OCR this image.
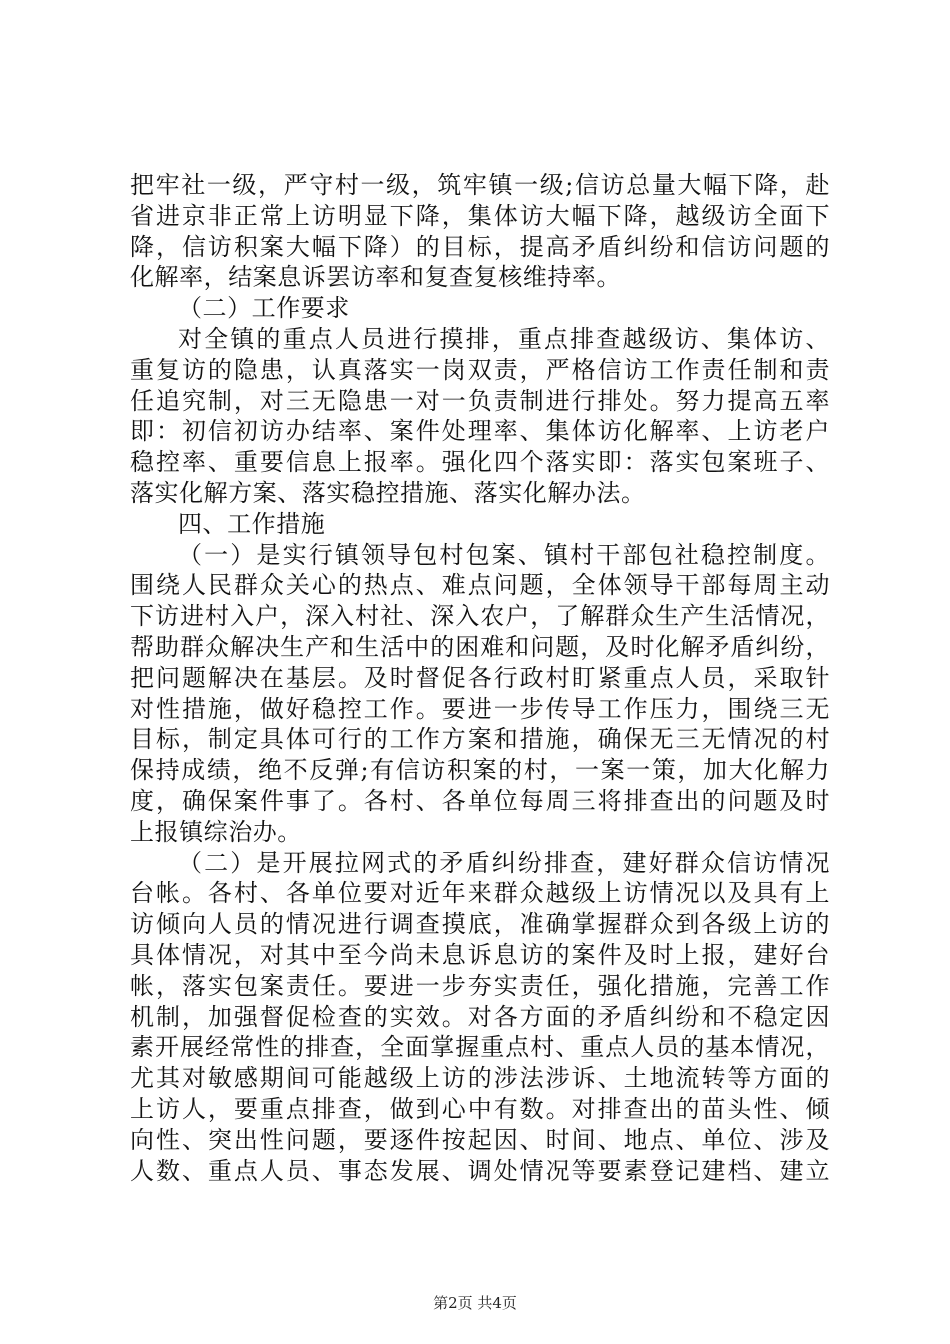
把牢社一级，严守村一级，筑牢镇一级;信访总量大幅下降，赴
省进京非正常上访明显下降，集体访大幅下降，越级访全面下
降，信访积案大幅下降）的目标，提高矛盾纠纷和信访问题的
化解率，结案息诉罢访率和复查复核维持率。
（二）工作要求
对全镇的重点人员进行摸排，重点排查越级访、集体访、
重复访的隐患，认真落实一岗双责，严格信访工作责任制和责
任追究制，对三无隐患一对一负责制进行排处。努力提高五率
即：初信初访办结率、案件处理率、集体访化解率、上访老户
稳控率、重要信息上报率。强化四个落实即：落实包案班子、
落实化解方案、落实稳控措施、落实化解办法。
四、工作措施
（一）是实行镇领导包村包案、镇村干部包社稳控制度。
围绕人民群众关心的热点、难点问题，全体领导干部每周主动
下访进村入户，深入村社、深入农户，了解群众生产生活情况，
帮助群众解决生产和生活中的困难和问题，及时化解矛盾纠纷，
把问题解决在基层。及时督促各行政村盯紧重点人员，采取针
对性措施，做好稳控工作。要进一步传导工作压力，围绕三无
目标，制定具体可行的工作方案和措施，确保无三无情况的村
保持成绩，绝不反弹;有信访积案的村，一案一策，加大化解力
度，确保案件事了。各村、各单位每周三将排查出的问题及时
上报镇综治办。
（二）是开展拉网式的矛盾纠纷排查，建好群众信访情况
台帐。各村、各单位要对近年来群众越级上访情况以及具有上
访倾向人员的情况进行调查摸底，准确掌握群众到各级上访的
具体情况，对其中至今尚未息诉息访的案件及时上报，建好台
帐，落实包案责任。要进一步夯实责任，强化措施，完善工作
机制，加强督促检查的实效。对各方面的矛盾纠纷和不稳定因
素开展经常性的排查，全面掌握重点村、重点人员的基本情况，
尤其对敏感期间可能越级上访的涉法涉诉、土地流转等方面的
上访人，要重点排查，做到心中有数。对排查出的苗头性、倾
向性、突出性问题，要逐件按起因、时间、地点、单位、涉及
人数、重点人员、事态发展、调处情况等要素登记建档、建立
第2页 共4页
